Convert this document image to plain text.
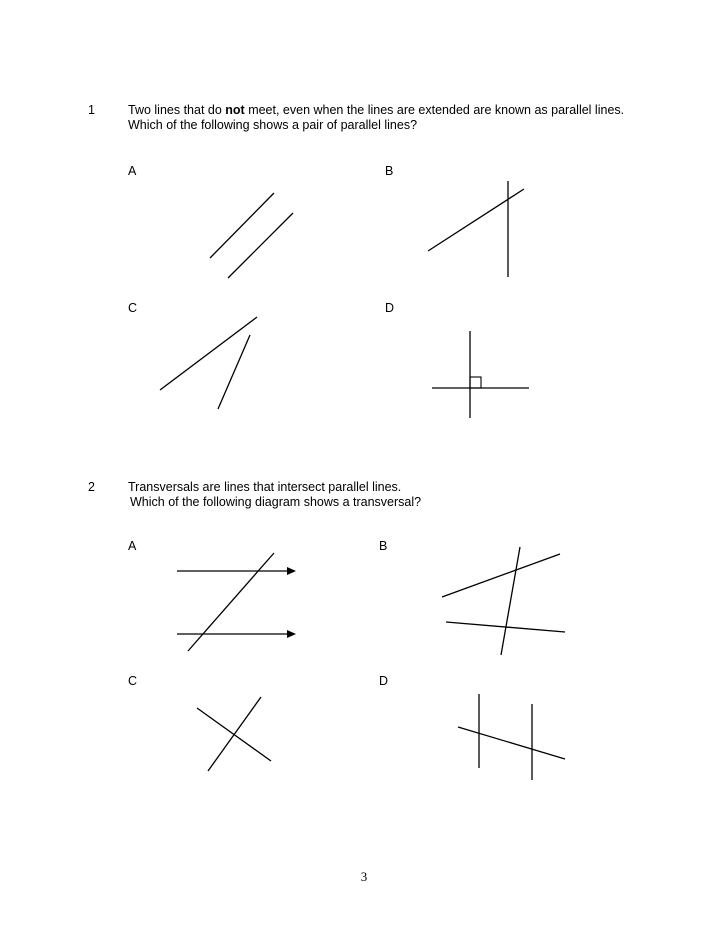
1	Two lines that do not meet, even when the lines are extended are known as parallel lines.
Which of the following shows a pair of parallel lines?
A	B
C	D
2	Transversals are lines that intersect parallel lines.
Which of the following diagram shows a transversal?
A	B
C	D
3
